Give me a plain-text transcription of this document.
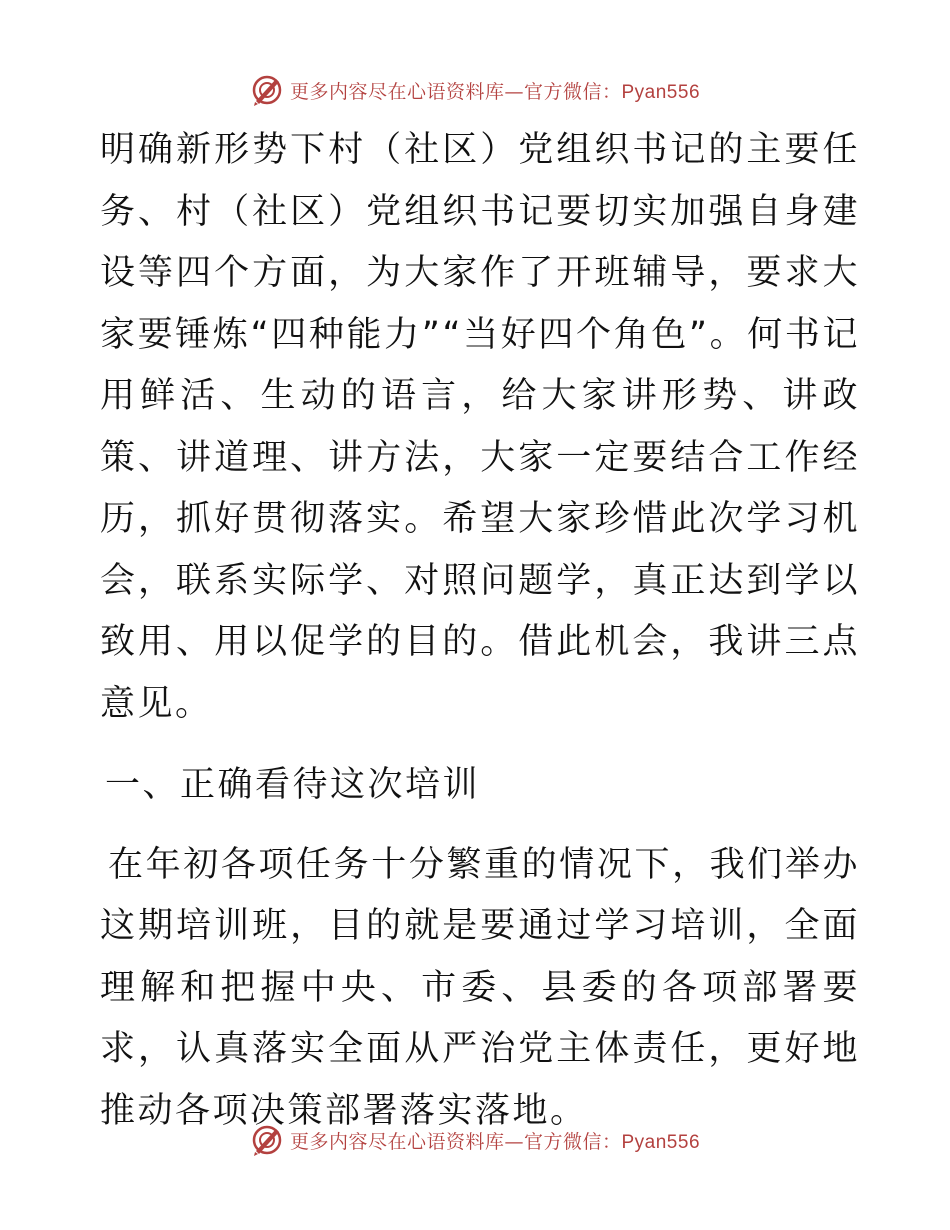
更多内容尽在心语资料库—官方微信：Pyan556

明确新形势下村（社区）党组织书记的主要任务、村（社区）党组织书记要切实加强自身建设等四个方面，为大家作了开班辅导，要求大家要锤炼“四种能力”“当好四个角色”。何书记用鲜活、生动的语言，给大家讲形势、讲政策、讲道理、讲方法，大家一定要结合工作经历，抓好贯彻落实。希望大家珍惜此次学习机会，联系实际学、对照问题学，真正达到学以致用、用以促学的目的。借此机会，我讲三点意见。

一、正确看待这次培训

在年初各项任务十分繁重的情况下，我们举办这期培训班，目的就是要通过学习培训，全面理解和把握中央、市委、县委的各项部署要求，认真落实全面从严治党主体责任，更好地推动各项决策部署落实落地。

更多内容尽在心语资料库—官方微信：Pyan556
